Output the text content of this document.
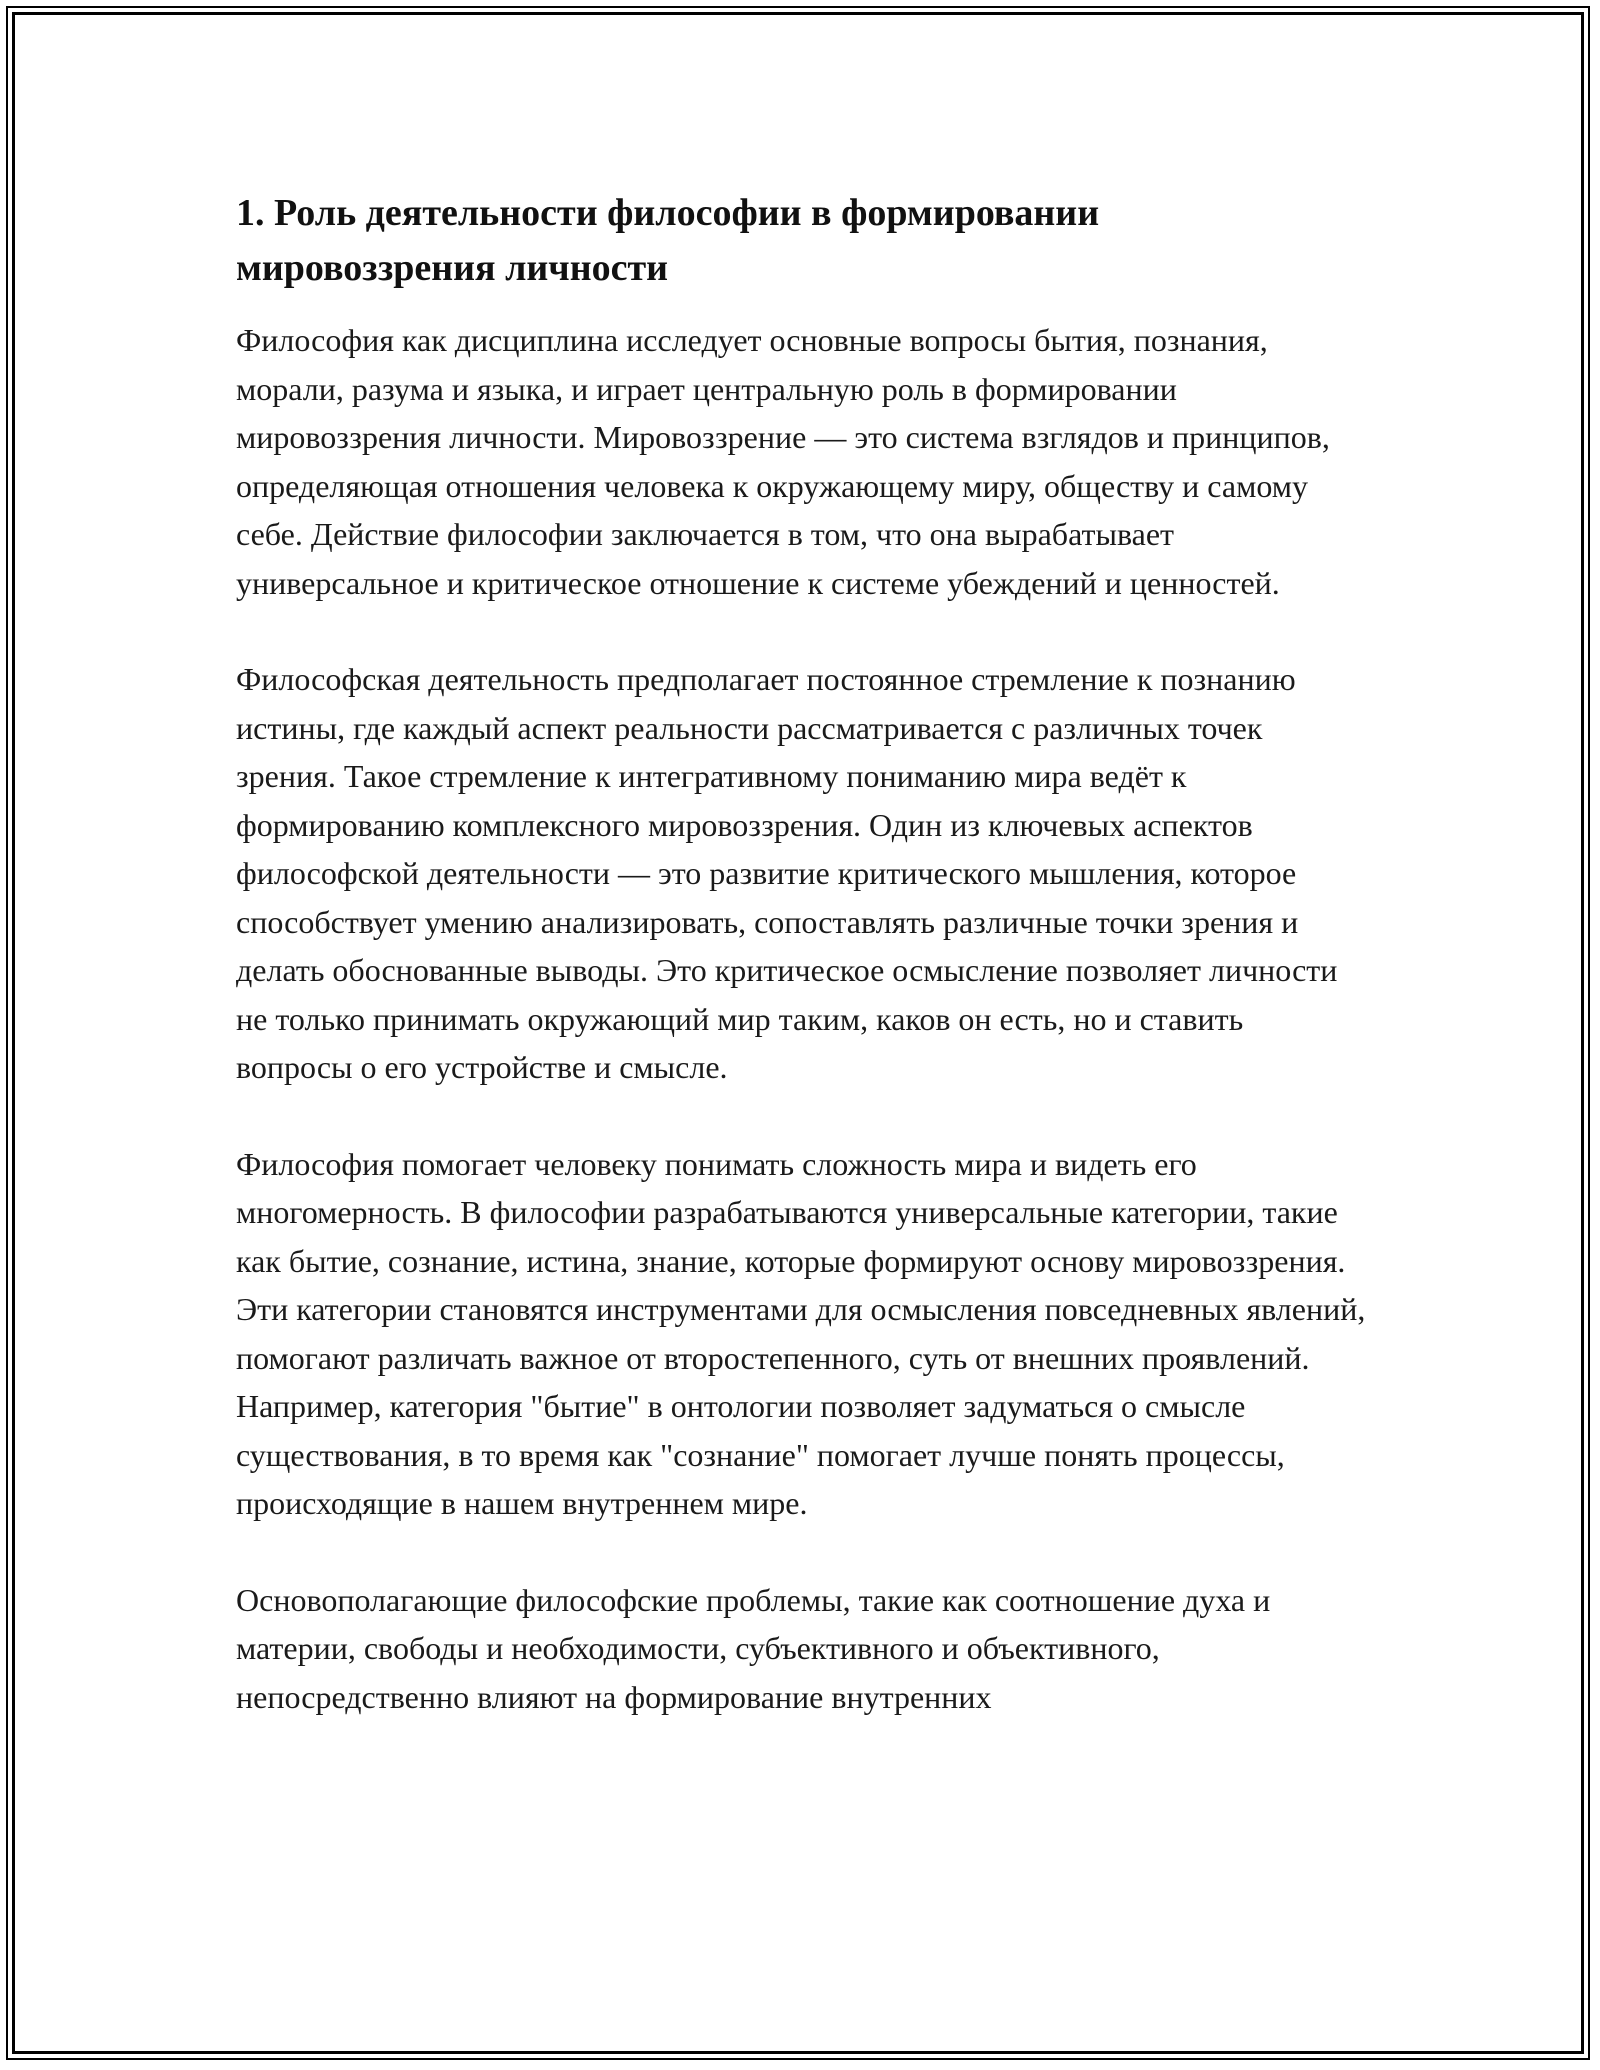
1. Роль деятельности философии в формировании мировоззрения личности

Философия как дисциплина исследует основные вопросы бытия, познания, морали, разума и языка, и играет центральную роль в формировании мировоззрения личности. Мировоззрение — это система взглядов и принципов, определяющая отношения человека к окружающему миру, обществу и самому себе. Действие философии заключается в том, что она вырабатывает универсальное и критическое отношение к системе убеждений и ценностей.

Философская деятельность предполагает постоянное стремление к познанию истины, где каждый аспект реальности рассматривается с различных точек зрения. Такое стремление к интегративному пониманию мира ведёт к формированию комплексного мировоззрения. Один из ключевых аспектов философской деятельности — это развитие критического мышления, которое способствует умению анализировать, сопоставлять различные точки зрения и делать обоснованные выводы. Это критическое осмысление позволяет личности не только принимать окружающий мир таким, каков он есть, но и ставить вопросы о его устройстве и смысле.

Философия помогает человеку понимать сложность мира и видеть его многомерность. В философии разрабатываются универсальные категории, такие как бытие, сознание, истина, знание, которые формируют основу мировоззрения. Эти категории становятся инструментами для осмысления повседневных явлений, помогают различать важное от второстепенного, суть от внешних проявлений. Например, категория "бытие" в онтологии позволяет задуматься о смысле существования, в то время как "сознание" помогает лучше понять процессы, происходящие в нашем внутреннем мире.

Основополагающие философские проблемы, такие как соотношение духа и материи, свободы и необходимости, субъективного и объективного, непосредственно влияют на формирование внутренних
